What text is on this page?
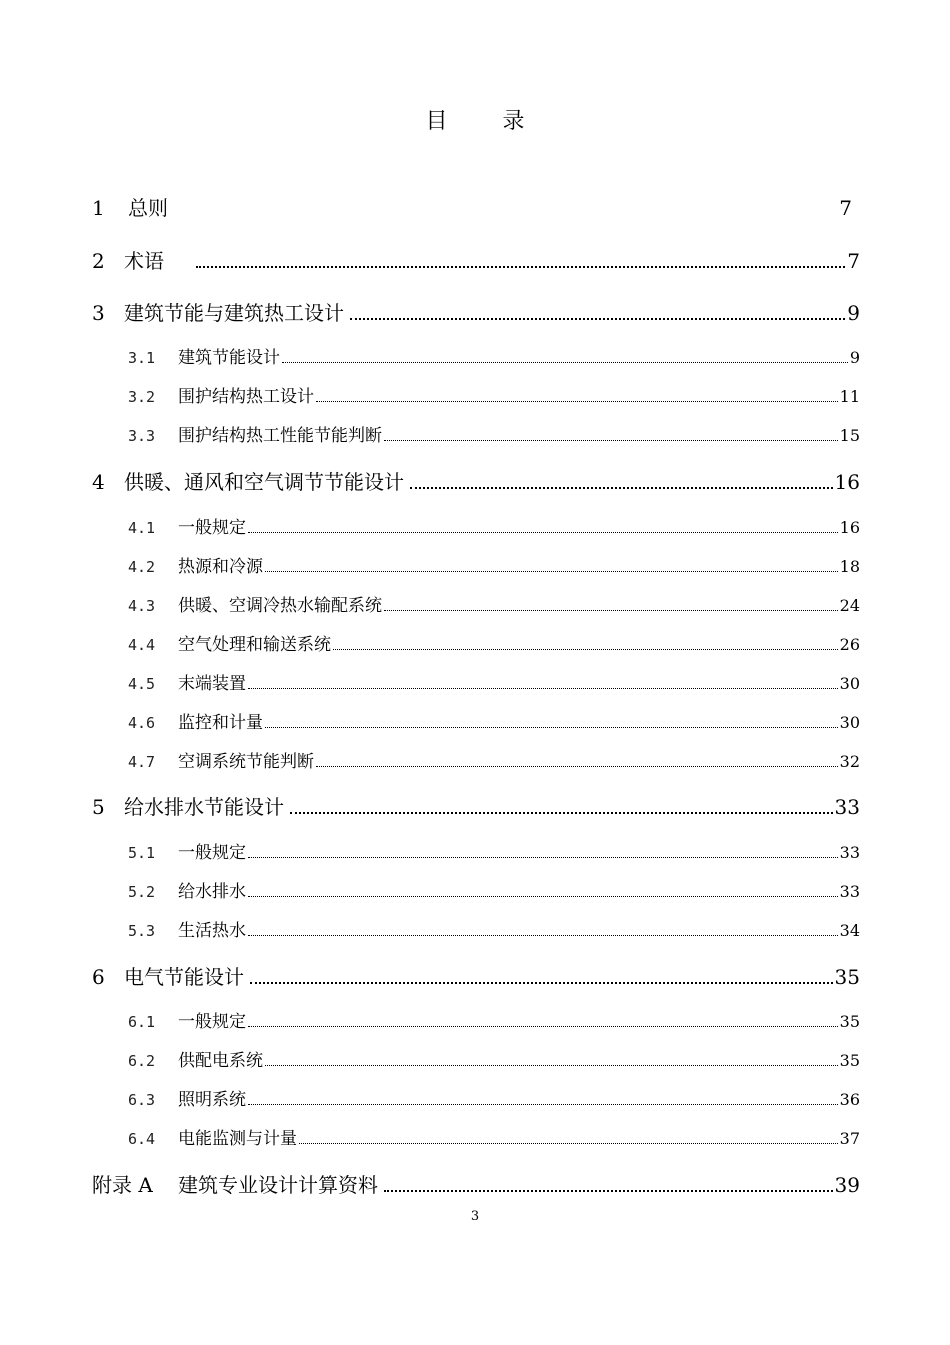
目 录
1 总则	7
2 术语	7
3 建筑节能与建筑热工设计	9
3.1 建筑节能设计	9
3.2 围护结构热工设计	11
3.3 围护结构热工性能节能判断	15
4 供暖、通风和空气调节节能设计	16
4.1 一般规定	16
4.2 热源和冷源	18
4.3 供暖、空调冷热水输配系统	24
4.4 空气处理和输送系统	26
4.5 末端装置	30
4.6 监控和计量	30
4.7 空调系统节能判断	32
5 给水排水节能设计	33
5.1 一般规定	33
5.2 给水排水	33
5.3 生活热水	34
6 电气节能设计	35
6.1 一般规定	35
6.2 供配电系统	35
6.3 照明系统	36
6.4 电能监测与计量	37
附录 A 建筑专业设计计算资料	39
3
